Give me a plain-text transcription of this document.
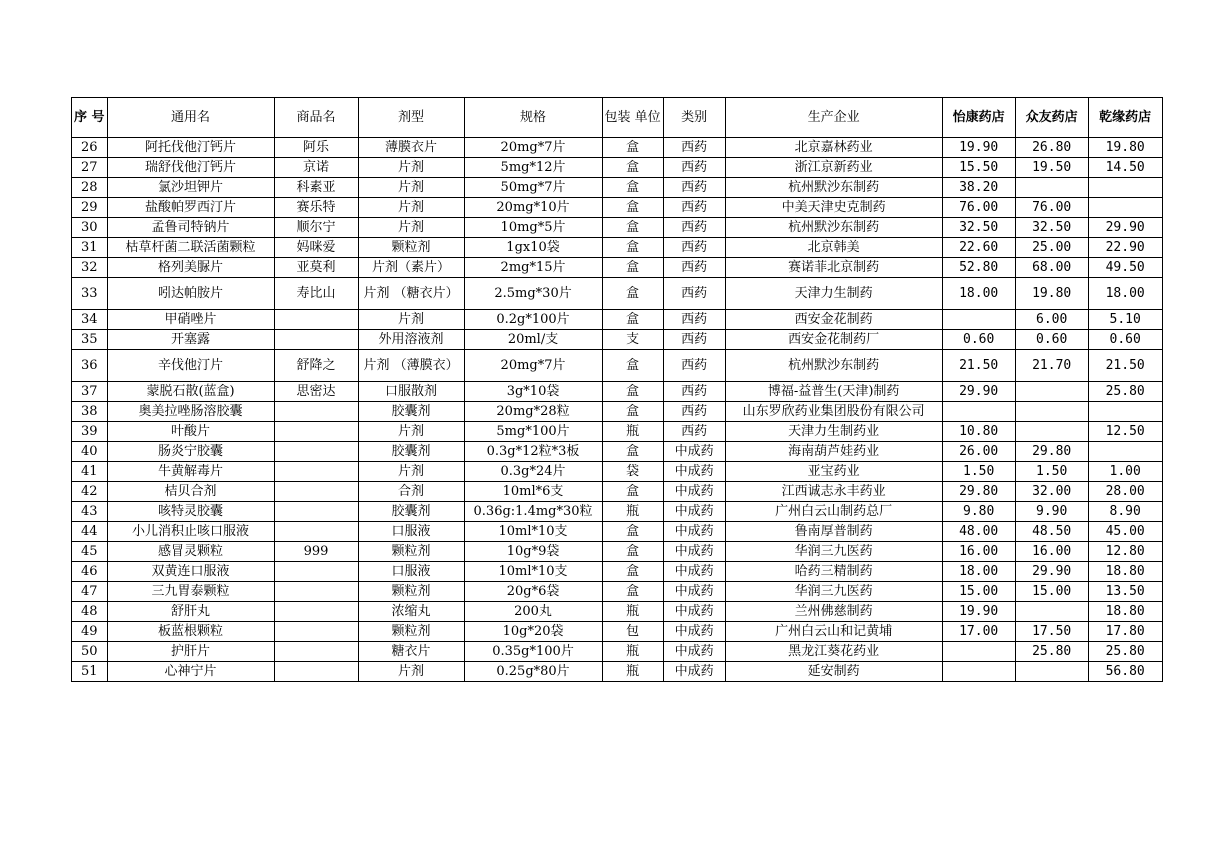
序 号	通用名	商品名	剂型	规格	包装 单位	类别	生产企业	怡康药店	众友药店	乾缘药店
26	阿托伐他汀钙片	阿乐	薄膜衣片	20mg*7片	盒	西药	北京嘉林药业	19.90	26.80	19.80
27	瑞舒伐他汀钙片	京诺	片剂	5mg*12片	盒	西药	浙江京新药业	15.50	19.50	14.50
28	氯沙坦钾片	科素亚	片剂	50mg*7片	盒	西药	杭州默沙东制药	38.20		
29	盐酸帕罗西汀片	赛乐特	片剂	20mg*10片	盒	西药	中美天津史克制药	76.00	76.00	
30	孟鲁司特钠片	顺尔宁	片剂	10mg*5片	盒	西药	杭州默沙东制药	32.50	32.50	29.90
31	枯草杆菌二联活菌颗粒	妈咪爱	颗粒剂	1gx10袋	盒	西药	北京韩美	22.60	25.00	22.90
32	格列美脲片	亚莫利	片剂（素片）	2mg*15片	盒	西药	赛诺菲北京制药	52.80	68.00	49.50
33	吲达帕胺片	寿比山	片剂 （糖衣片）	2.5mg*30片	盒	西药	天津力生制药	18.00	19.80	18.00
34	甲硝唑片		片剂	0.2g*100片	盒	西药	西安金花制药		6.00	5.10
35	开塞露		外用溶液剂	20ml/支	支	西药	西安金花制药厂	0.60	0.60	0.60
36	辛伐他汀片	舒降之	片剂 （薄膜衣）	20mg*7片	盒	西药	杭州默沙东制药	21.50	21.70	21.50
37	蒙脱石散(蓝盒)	思密达	口服散剂	3g*10袋	盒	西药	博福-益普生(天津)制药	29.90		25.80
38	奥美拉唑肠溶胶囊		胶囊剂	20mg*28粒	盒	西药	山东罗欣药业集团股份有限公司			
39	叶酸片		片剂	5mg*100片	瓶	西药	天津力生制药业	10.80		12.50
40	肠炎宁胶囊		胶囊剂	0.3g*12粒*3板	盒	中成药	海南葫芦娃药业	26.00	29.80	
41	牛黄解毒片		片剂	0.3g*24片	袋	中成药	亚宝药业	1.50	1.50	1.00
42	桔贝合剂		合剂	10ml*6支	盒	中成药	江西诚志永丰药业	29.80	32.00	28.00
43	咳特灵胶囊		胶囊剂	0.36g:1.4mg*30粒	瓶	中成药	广州白云山制药总厂	9.80	9.90	8.90
44	小儿消积止咳口服液		口服液	10ml*10支	盒	中成药	鲁南厚普制药	48.00	48.50	45.00
45	感冒灵颗粒	999	颗粒剂	10g*9袋	盒	中成药	华润三九医药	16.00	16.00	12.80
46	双黄连口服液		口服液	10ml*10支	盒	中成药	哈药三精制药	18.00	29.90	18.80
47	三九胃泰颗粒		颗粒剂	20g*6袋	盒	中成药	华润三九医药	15.00	15.00	13.50
48	舒肝丸		浓缩丸	200丸	瓶	中成药	兰州佛慈制药	19.90		18.80
49	板蓝根颗粒		颗粒剂	10g*20袋	包	中成药	广州白云山和记黄埔	17.00	17.50	17.80
50	护肝片		糖衣片	0.35g*100片	瓶	中成药	黑龙江葵花药业		25.80	25.80
51	心神宁片		片剂	0.25g*80片	瓶	中成药	延安制药			56.80
